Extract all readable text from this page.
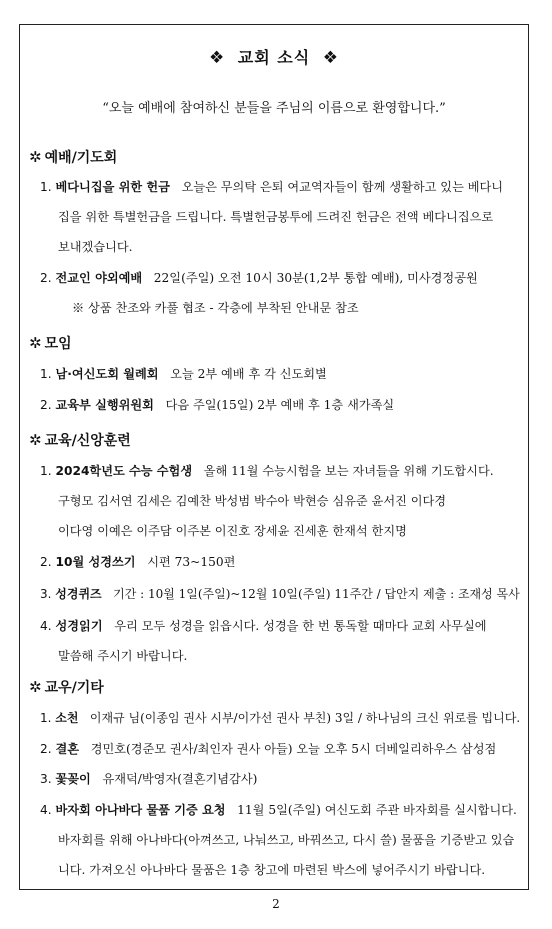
❖ 교회 소식 ❖
“오늘 예배에 참여하신 분들을 주님의 이름으로 환영합니다.”
✲ 예배/기도회
1. 베다니집을 위한 헌금 오늘은 무의탁 은퇴 여교역자들이 함께 생활하고 있는 베다니
집을 위한 특별헌금을 드립니다. 특별헌금봉투에 드려진 헌금은 전액 베다니집으로
보내겠습니다.
2. 전교인 야외예배 22일(주일) 오전 10시 30분(1,2부 통합 예배), 미사경정공원
※ 상품 찬조와 카풀 협조 - 각층에 부착된 안내문 참조
✲ 모임
1. 남·여신도회 월례회 오늘 2부 예배 후 각 신도회별
2. 교육부 실행위원회 다음 주일(15일) 2부 예배 후 1층 새가족실
✲ 교육/신앙훈련
1. 2024학년도 수능 수험생 올해 11월 수능시험을 보는 자녀들을 위해 기도합시다.
구형모 김서연 김세은 김예찬 박성범 박수아 박현승 심유준 윤서진 이다경
이다영 이예은 이주담 이주본 이진호 장세윤 진세훈 한재석 한지명
2. 10월 성경쓰기 시편 73~150편
3. 성경퀴즈 기간 : 10월 1일(주일)~12월 10일(주일) 11주간 / 답안지 제출 : 조재성 목사
4. 성경읽기 우리 모두 성경을 읽읍시다. 성경을 한 번 통독할 때마다 교회 사무실에
말씀해 주시기 바랍니다.
✲ 교우/기타
1. 소천 이재규 님(이종임 권사 시부/이가선 권사 부친) 3일 / 하나님의 크신 위로를 빕니다.
2. 결혼 경민호(경준모 권사/최인자 권사 아들) 오늘 오후 5시 더베일리하우스 삼성점
3. 꽃꽂이 유재덕/박영자(결혼기념감사)
4. 바자회 아나바다 물품 기증 요청 11월 5일(주일) 여신도회 주관 바자회를 실시합니다.
바자회를 위해 아나바다(아껴쓰고, 나눠쓰고, 바꿔쓰고, 다시 쓸) 물품을 기증받고 있습
니다. 가져오신 아나바다 물품은 1층 창고에 마련된 박스에 넣어주시기 바랍니다.
2
